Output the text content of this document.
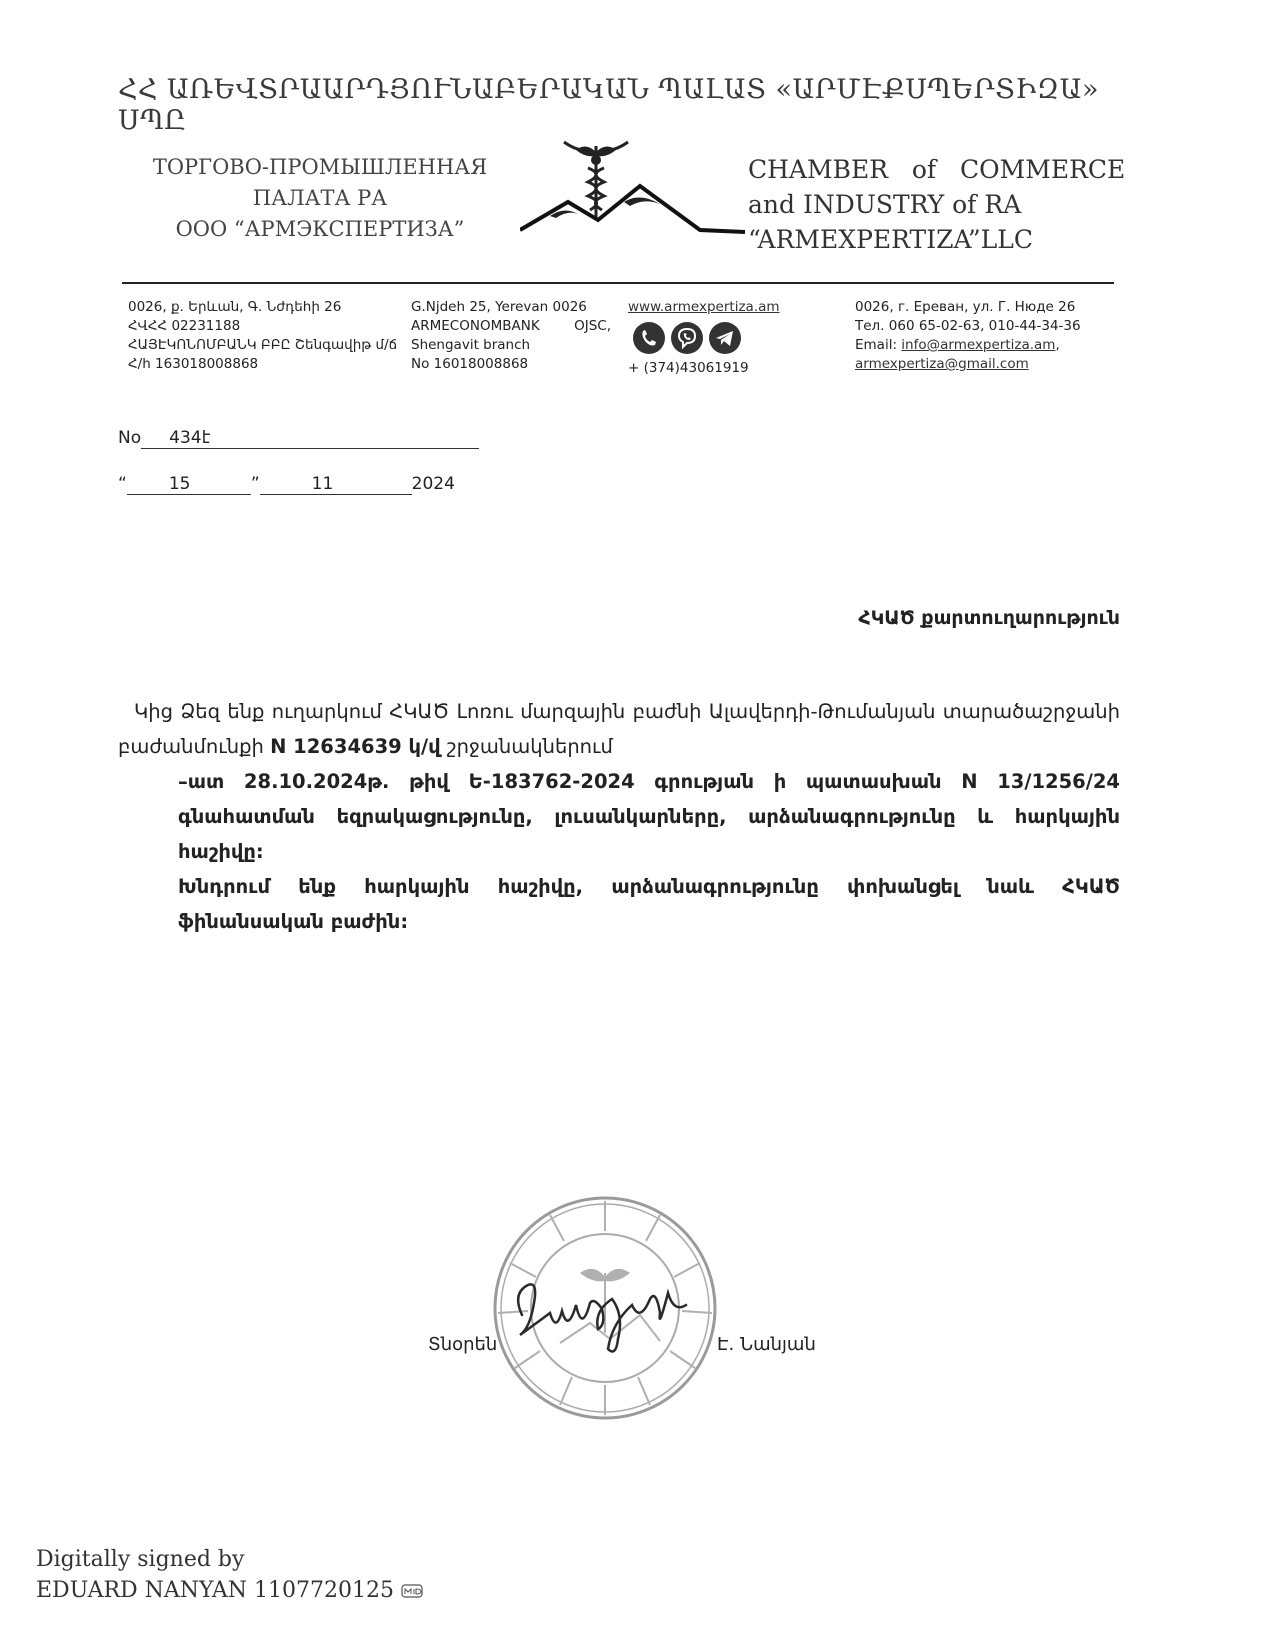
ՀՀ ԱՌԵՎՏՐԱԱՐԴՅՈՒՆԱԲԵՐԱԿԱՆ ՊԱԼԱՏ «ԱՐՄԷՔՍՊԵՐՏԻԶԱ» ՍՊԸ
ТОРГОВО-ПРОМЫШЛЕННАЯ
ПАЛАТА РА
ООО “АРМЭКСПЕРТИЗА”
CHAMBER   of   COMMERCE
and INDUSTRY of RA
“ARMEXPERTIZA”LLC
0026, ք. Երևան, Գ. Նժդեհի 26
ՀՎՀՀ 02231188
ՀԱՅԷԿՈՆՈՄԲԱՆԿ ԲԲԸ Շենգավիթ մ/ճ
Հ/h 163018008868
G.Njdeh 25, Yerevan 0026
ARMECONOMBANK	OJSC,
Shengavit branch
No 16018008868
www.armexpertiza.am
+ (374)43061919
0026, г. Ереван, ул. Г. Нюде 26
Тел. 060 65-02-63, 010-44-34-36
Email: info@armexpertiza.am,
armexpertiza@gmail.com
No 434է
“ 15	”	11	2024
ՀԿԱԾ քարտուղարություն
Կից Ձեզ ենք ուղարկում ՀԿԱԾ Լոռու մարզային բաժնի Ալավերդի-Թումանյան տարածաշրջանի բաժանմունքի N 12634639 կ/վ շրջանակներում
–ատ 28.10.2024թ. թիվ Ե-183762-2024 գրության ի պատասխան N 13/1256/24 գնահատման եզրակացությունը, լուսանկարները, արձանագրությունը և հարկային հաշիվը:
Խնդրում ենք հարկային հաշիվը, արձանագրությունը փոխանցել նաև ՀԿԱԾ ֆինանսական բաժին:
Տնօրեն	Է. Նանյան
Digitally signed by
EDUARD NANYAN 1107720125
